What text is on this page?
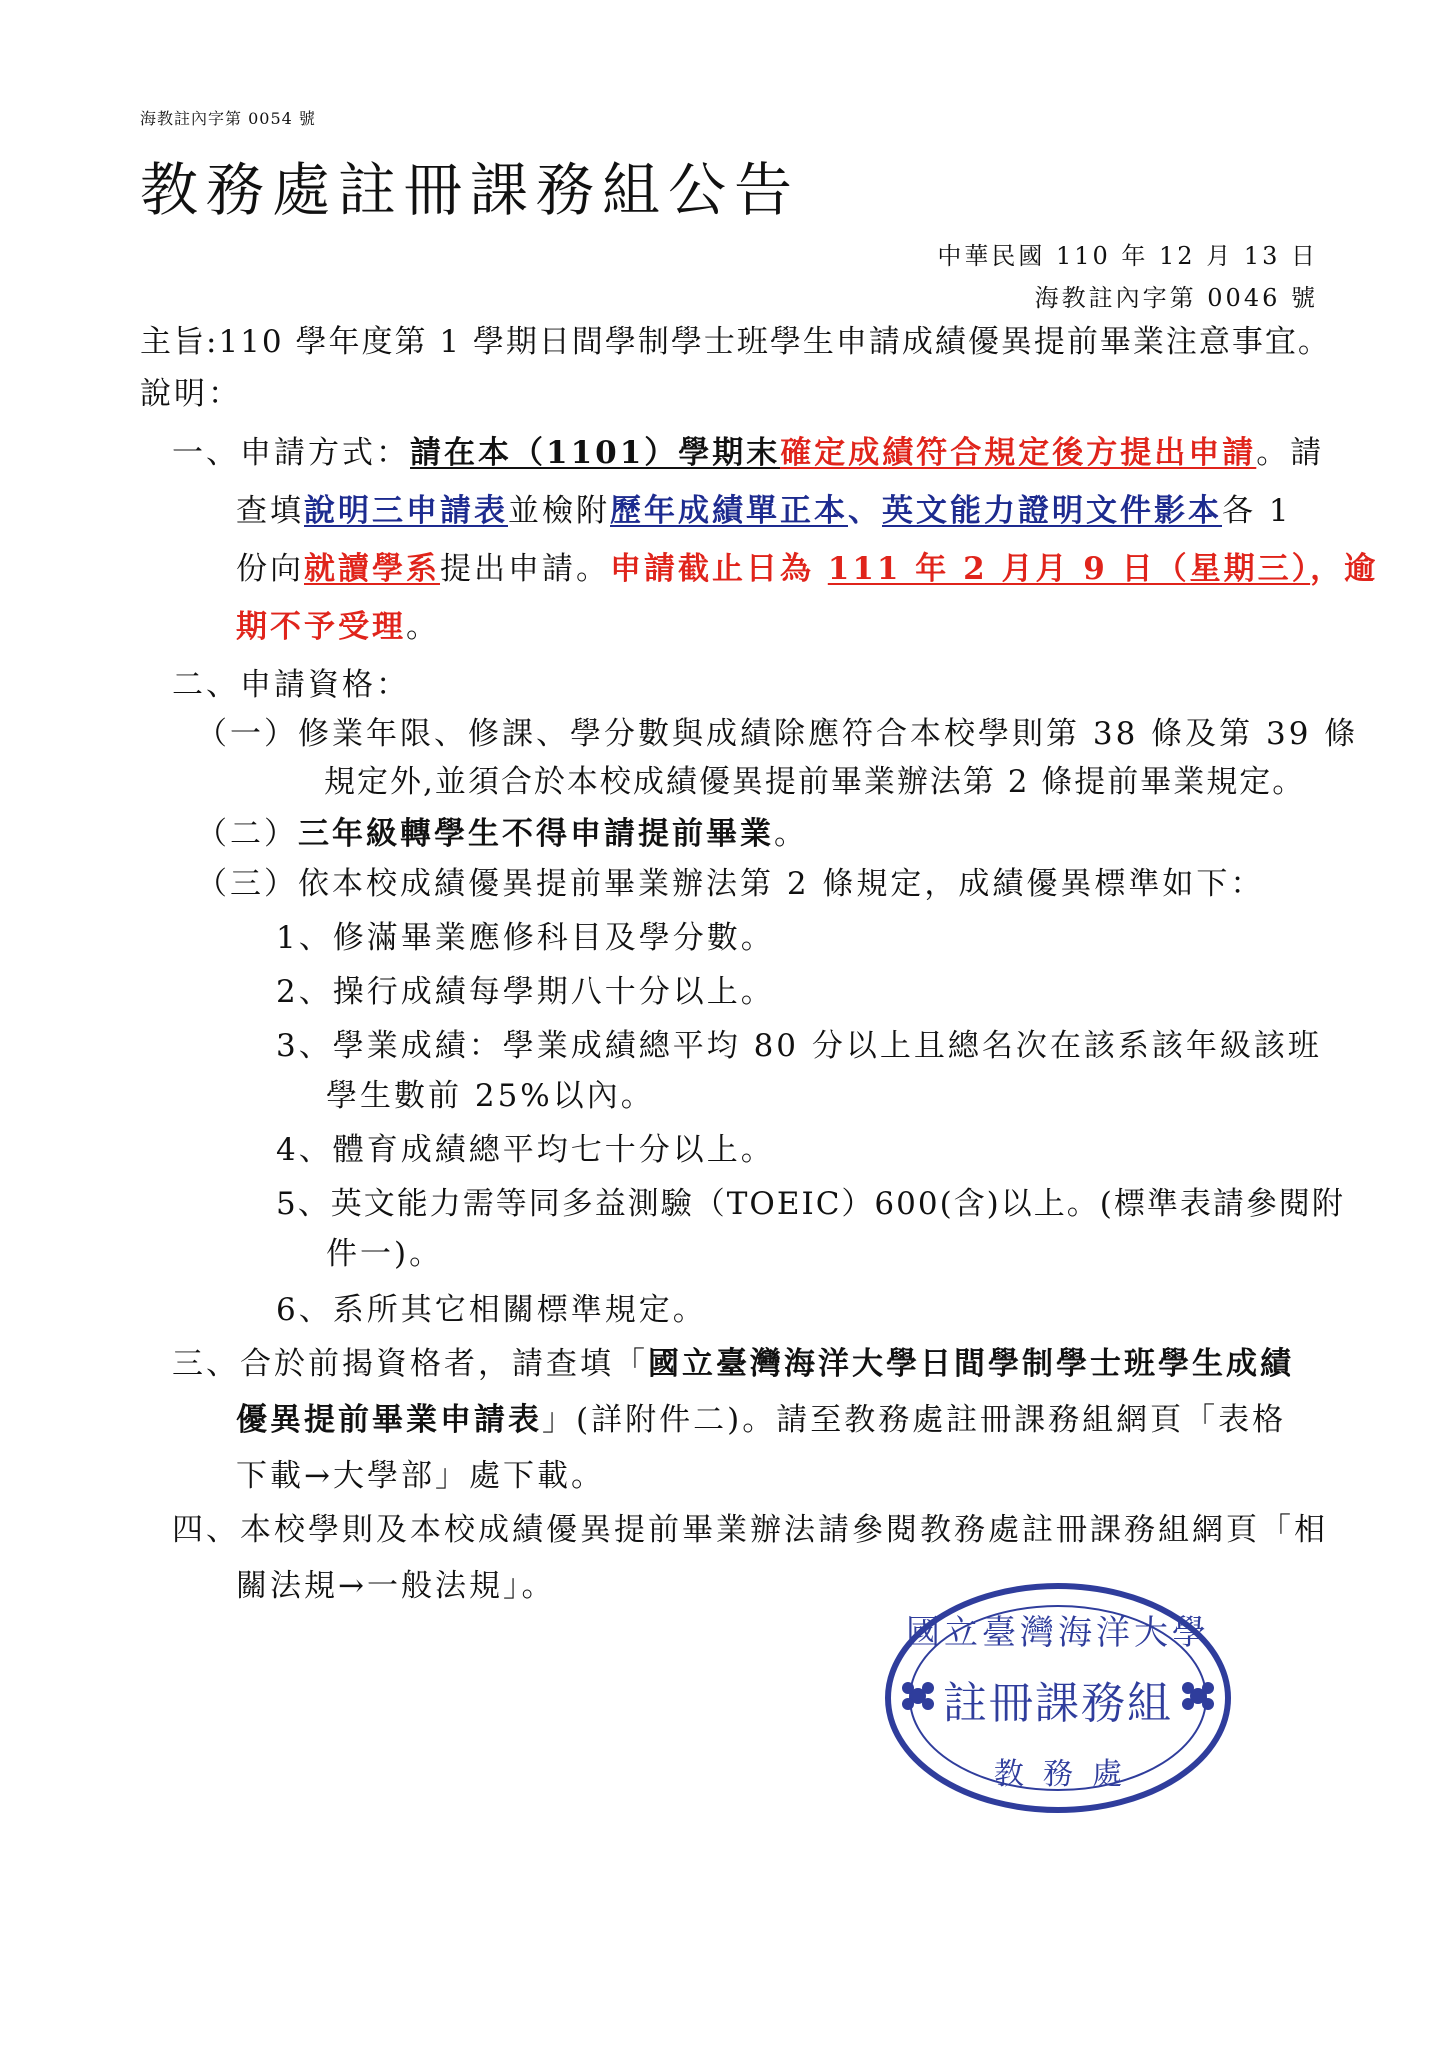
海教註內字第 0054 號
教務處註冊課務組公告
中華民國 110 年 12 月 13 日
海教註內字第 0046 號
主旨:110 學年度第 1 學期日間學制學士班學生申請成績優異提前畢業注意事宜。
說明：
一、申請方式：請在本（1101）學期末確定成績符合規定後方提出申請。請
查填說明三申請表並檢附歷年成績單正本、英文能力證明文件影本各 1
份向就讀學系提出申請。申請截止日為 111 年 2 月月 9 日（星期三），逾
期不予受理。
二、申請資格：
（一）修業年限、修課、學分數與成績除應符合本校學則第 38 條及第 39 條
規定外,並須合於本校成績優異提前畢業辦法第 2 條提前畢業規定。
（二）三年級轉學生不得申請提前畢業。
（三）依本校成績優異提前畢業辦法第 2 條規定，成績優異標準如下：
1、修滿畢業應修科目及學分數。
2、操行成績每學期八十分以上。
3、學業成績：學業成績總平均 80 分以上且總名次在該系該年級該班
學生數前 25%以內。
4、體育成績總平均七十分以上。
5、英文能力需等同多益測驗（TOEIC）600(含)以上。(標準表請參閱附
件一)。
6、系所其它相關標準規定。
三、合於前揭資格者，請查填「國立臺灣海洋大學日間學制學士班學生成績
優異提前畢業申請表」(詳附件二)。請至教務處註冊課務組網頁「表格
下載→大學部」處下載。
四、本校學則及本校成績優異提前畢業辦法請參閱教務處註冊課務組網頁「相
關法規→一般法規」。
國立臺灣海洋大學
註冊課務組
教  務  處
